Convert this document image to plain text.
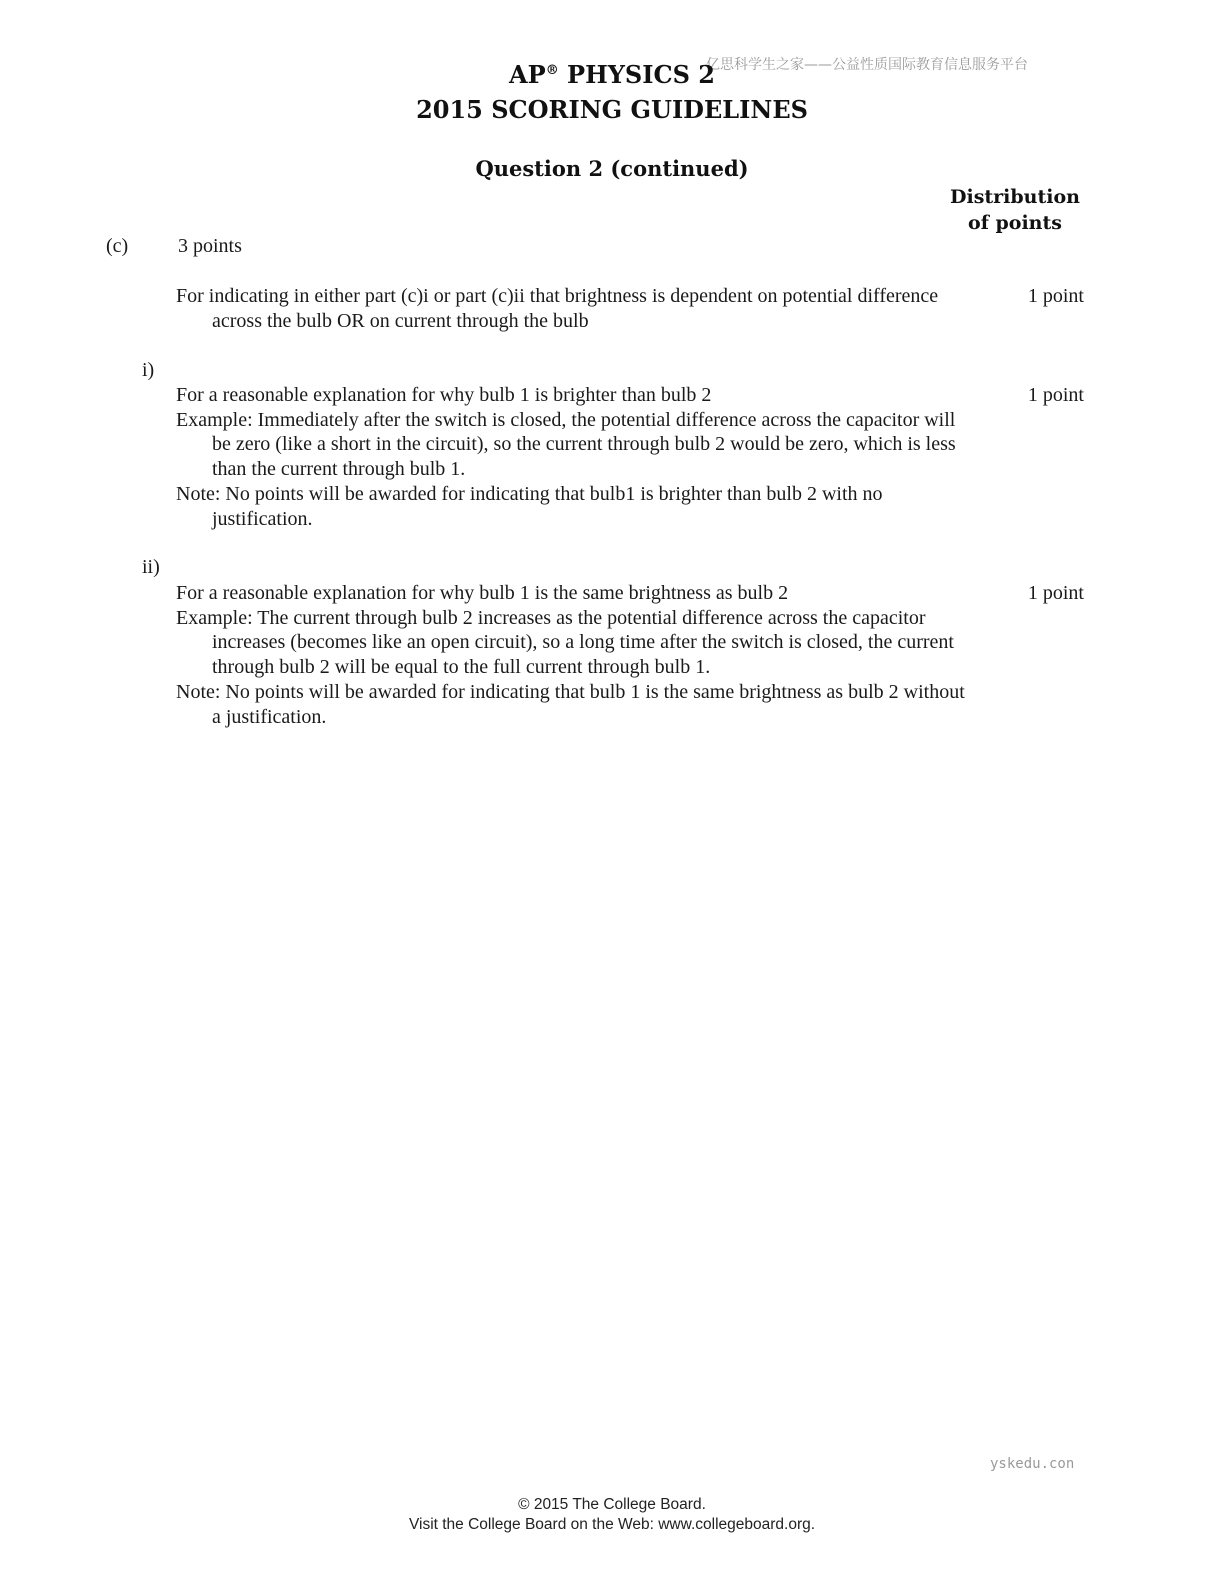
亿思科学生之家——公益性质国际教育信息服务平台
yskedu.con
AP® PHYSICS 2
2015 SCORING GUIDELINES
Question 2 (continued)
Distribution
of points
(c) 3 points

For indicating in either part (c)i or part (c)ii that brightness is dependent on potential difference across the bulb OR on current through the bulb

1 point
i)

For a reasonable explanation for why bulb 1 is brighter than bulb 2

Example: Immediately after the switch is closed, the potential difference across the capacitor will be zero (like a short in the circuit), so the current through bulb 2 would be zero, which is less than the current through bulb 1.

Note: No points will be awarded for indicating that bulb1 is brighter than bulb 2 with no justification.

1 point
ii)

For a reasonable explanation for why bulb 1 is the same brightness as bulb 2

Example: The current through bulb 2 increases as the potential difference across the capacitor increases (becomes like an open circuit), so a long time after the switch is closed, the current through bulb 2 will be equal to the full current through bulb 1.

Note: No points will be awarded for indicating that bulb 1 is the same brightness as bulb 2 without a justification.

1 point
© 2015 The College Board.
Visit the College Board on the Web: www.collegeboard.org.
